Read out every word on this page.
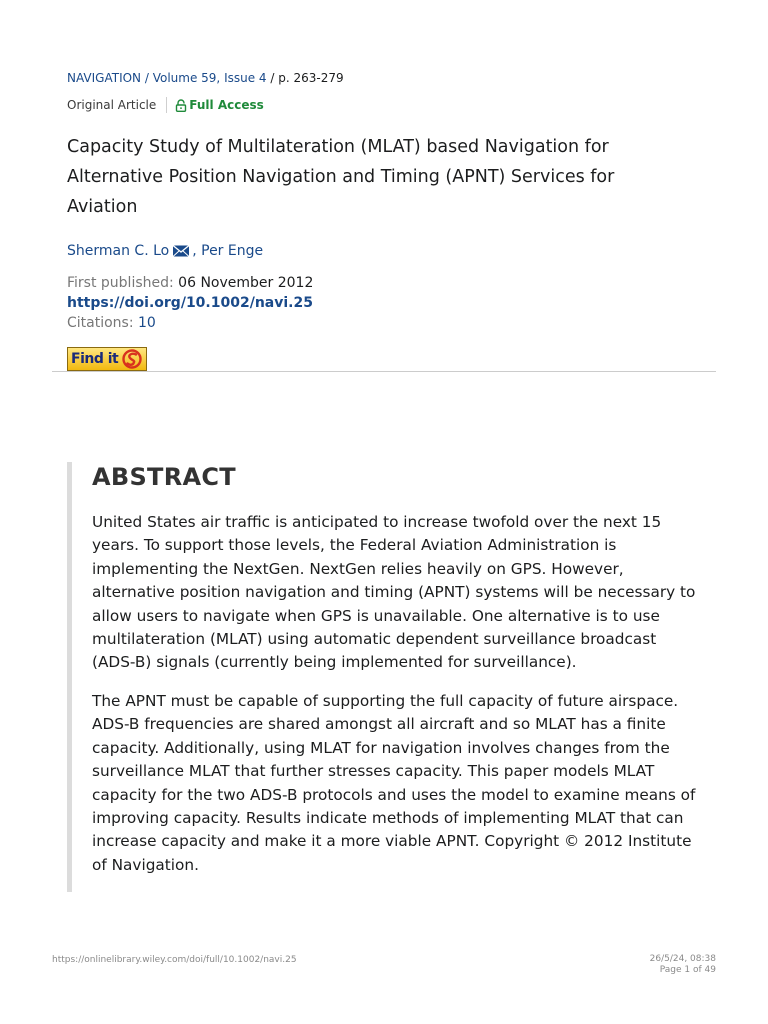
NAVIGATION / Volume 59, Issue 4 / p. 263-279
Original Article	Full Access
Capacity Study of Multilateration (MLAT) based Navigation for Alternative Position Navigation and Timing (APNT) Services for Aviation
Sherman C. Lo , Per Enge
First published: 06 November 2012
https://doi.org/10.1002/navi.25
Citations: 10
Find it
ABSTRACT

United States air traffic is anticipated to increase twofold over the next 15 years. To support those levels, the Federal Aviation Administration is implementing the NextGen. NextGen relies heavily on GPS. However, alternative position navigation and timing (APNT) systems will be necessary to allow users to navigate when GPS is unavailable. One alternative is to use multilateration (MLAT) using automatic dependent surveillance broadcast (ADS-B) signals (currently being implemented for surveillance).

The APNT must be capable of supporting the full capacity of future airspace. ADS-B frequencies are shared amongst all aircraft and so MLAT has a finite capacity. Additionally, using MLAT for navigation involves changes from the surveillance MLAT that further stresses capacity. This paper models MLAT capacity for the two ADS-B protocols and uses the model to examine means of improving capacity. Results indicate methods of implementing MLAT that can increase capacity and make it a more viable APNT. Copyright © 2012 Institute of Navigation.

https://onlinelibrary.wiley.com/doi/full/10.1002/navi.25	26/5/24, 08:38
Page 1 of 49
